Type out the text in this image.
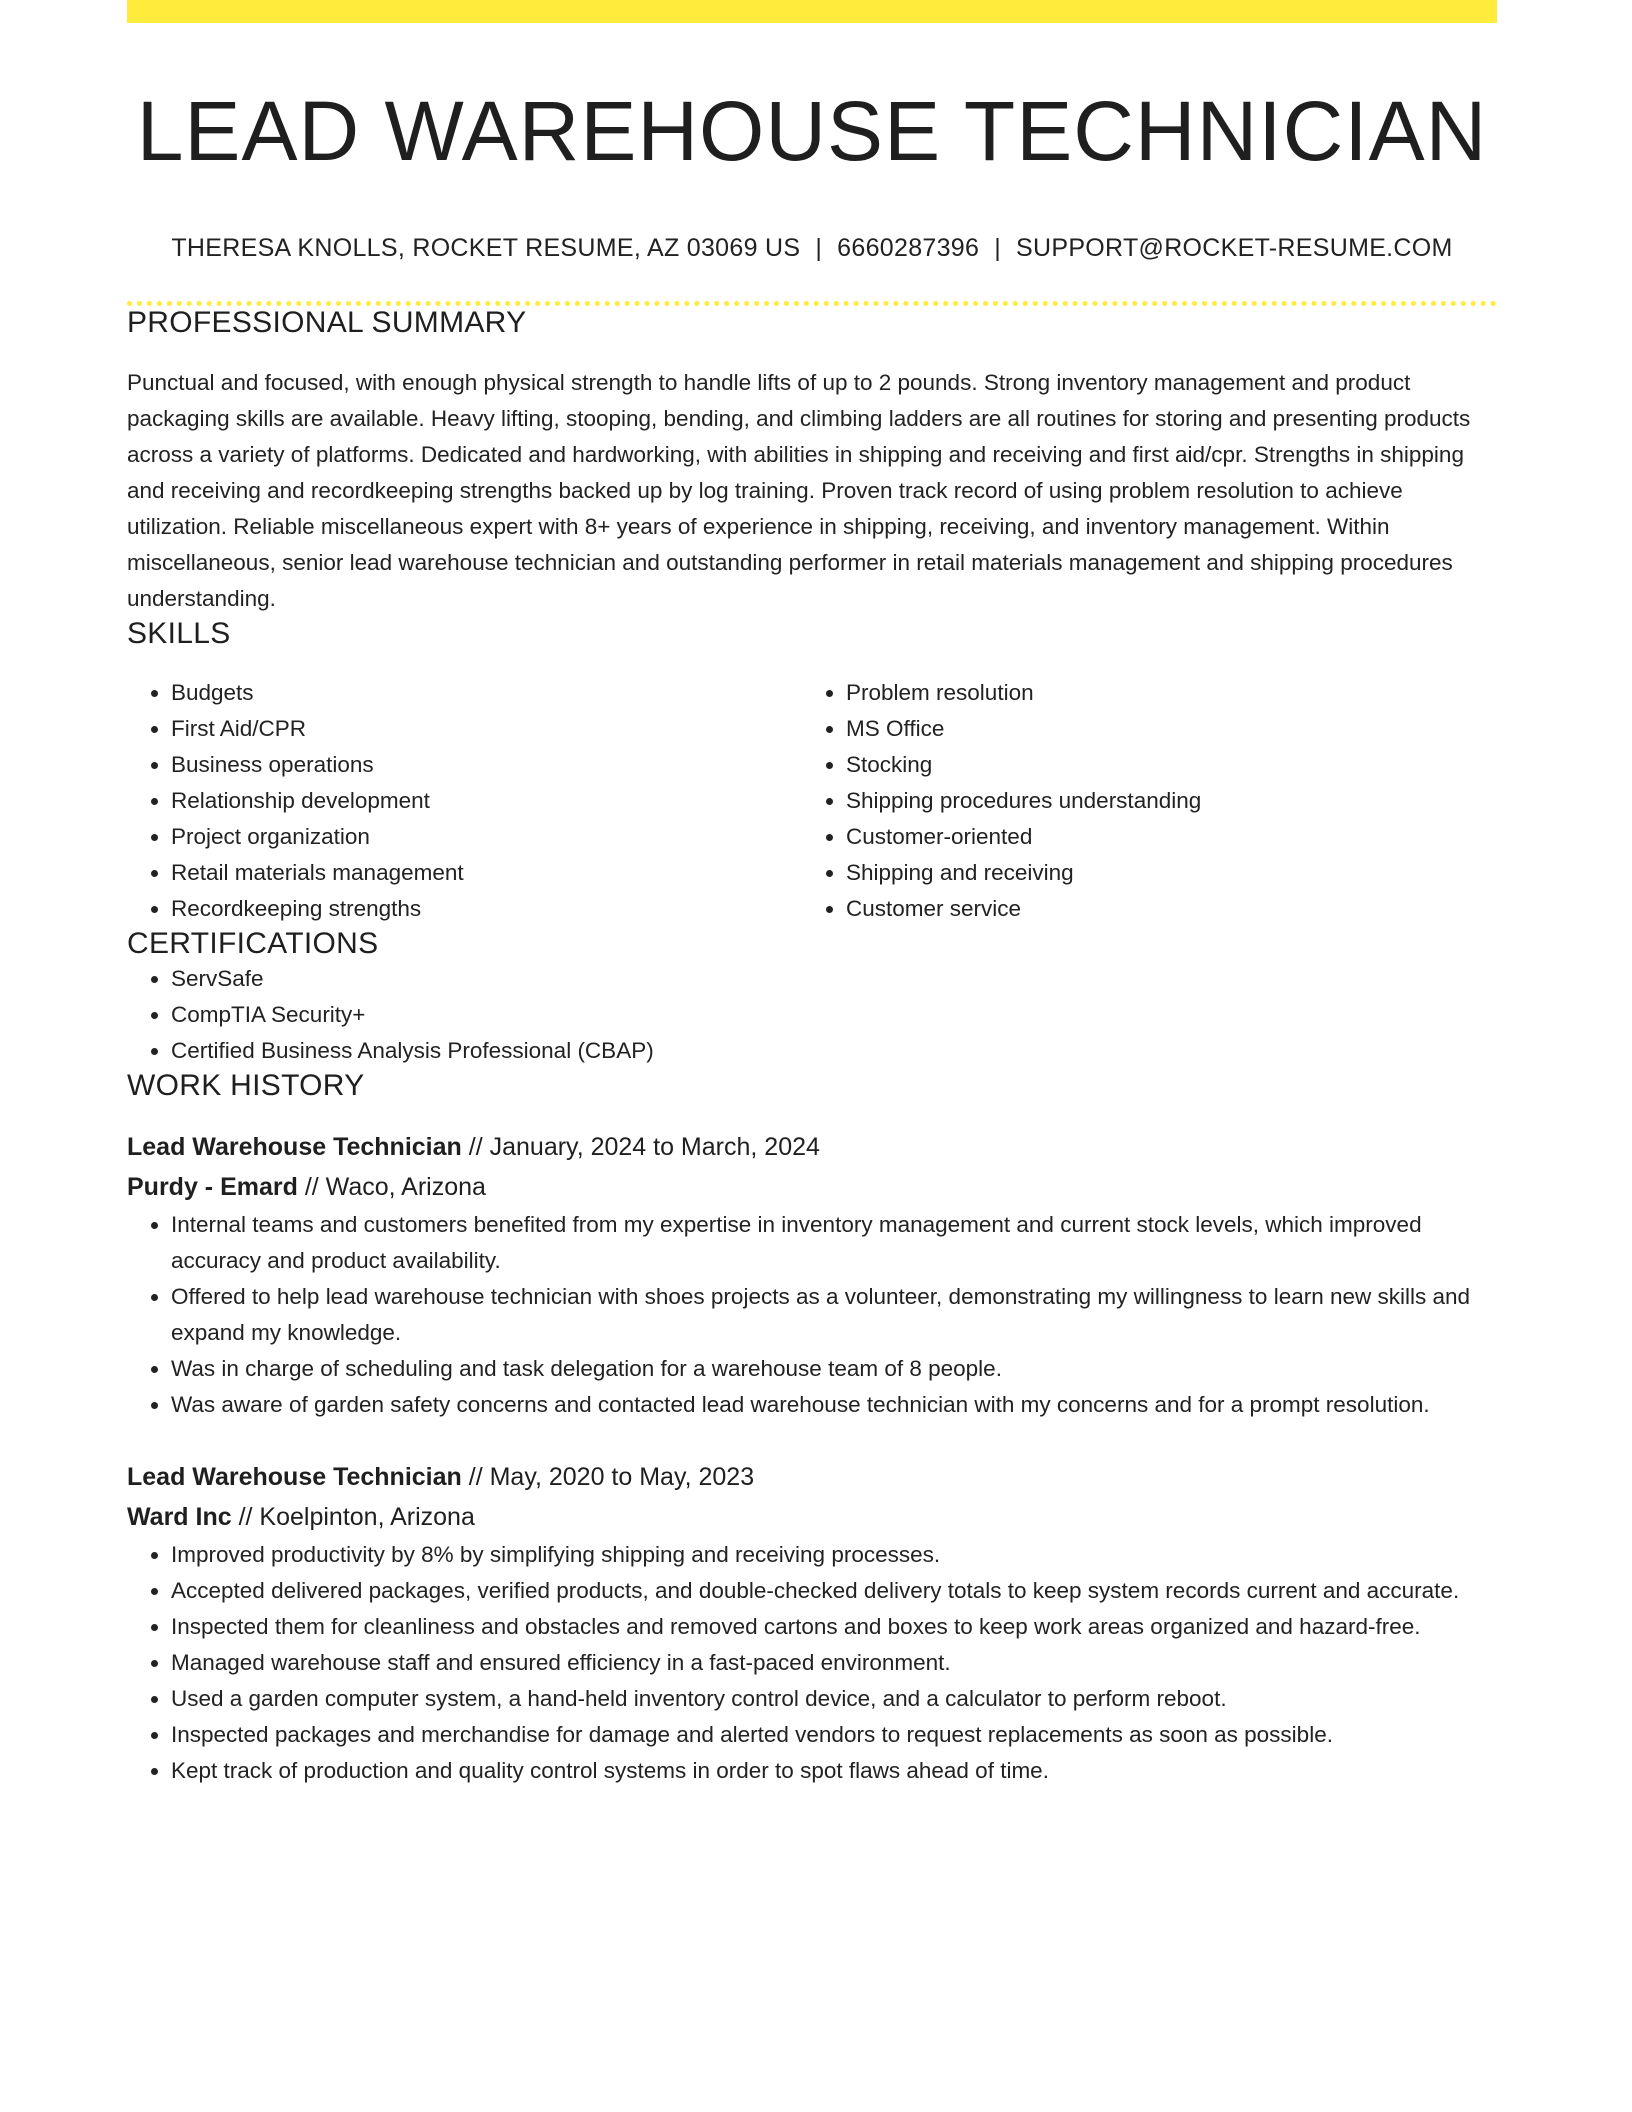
LEAD WAREHOUSE TECHNICIAN
THERESA KNOLLS, ROCKET RESUME, AZ 03069 US | 6660287396 | SUPPORT@ROCKET-RESUME.COM
PROFESSIONAL SUMMARY

Punctual and focused, with enough physical strength to handle lifts of up to 2 pounds. Strong inventory management and product packaging skills are available. Heavy lifting, stooping, bending, and climbing ladders are all routines for storing and presenting products across a variety of platforms. Dedicated and hardworking, with abilities in shipping and receiving and first aid/cpr. Strengths in shipping and receiving and recordkeeping strengths backed up by log training. Proven track record of using problem resolution to achieve utilization. Reliable miscellaneous expert with 8+ years of experience in shipping, receiving, and inventory management. Within miscellaneous, senior lead warehouse technician and outstanding performer in retail materials management and shipping procedures understanding.

SKILLS
• Budgets
• First Aid/CPR
• Business operations
• Relationship development
• Project organization
• Retail materials management
• Recordkeeping strengths
• Problem resolution
• MS Office
• Stocking
• Shipping procedures understanding
• Customer-oriented
• Shipping and receiving
• Customer service
CERTIFICATIONS
• ServSafe
• CompTIA Security+
• Certified Business Analysis Professional (CBAP)
WORK HISTORY
Lead Warehouse Technician // January, 2024 to March, 2024
Purdy - Emard // Waco, Arizona
• Internal teams and customers benefited from my expertise in inventory management and current stock levels, which improved accuracy and product availability.
• Offered to help lead warehouse technician with shoes projects as a volunteer, demonstrating my willingness to learn new skills and expand my knowledge.
• Was in charge of scheduling and task delegation for a warehouse team of 8 people.
• Was aware of garden safety concerns and contacted lead warehouse technician with my concerns and for a prompt resolution.
Lead Warehouse Technician // May, 2020 to May, 2023
Ward Inc // Koelpinton, Arizona
• Improved productivity by 8% by simplifying shipping and receiving processes.
• Accepted delivered packages, verified products, and double-checked delivery totals to keep system records current and accurate.
• Inspected them for cleanliness and obstacles and removed cartons and boxes to keep work areas organized and hazard-free.
• Managed warehouse staff and ensured efficiency in a fast-paced environment.
• Used a garden computer system, a hand-held inventory control device, and a calculator to perform reboot.
• Inspected packages and merchandise for damage and alerted vendors to request replacements as soon as possible.
• Kept track of production and quality control systems in order to spot flaws ahead of time.
